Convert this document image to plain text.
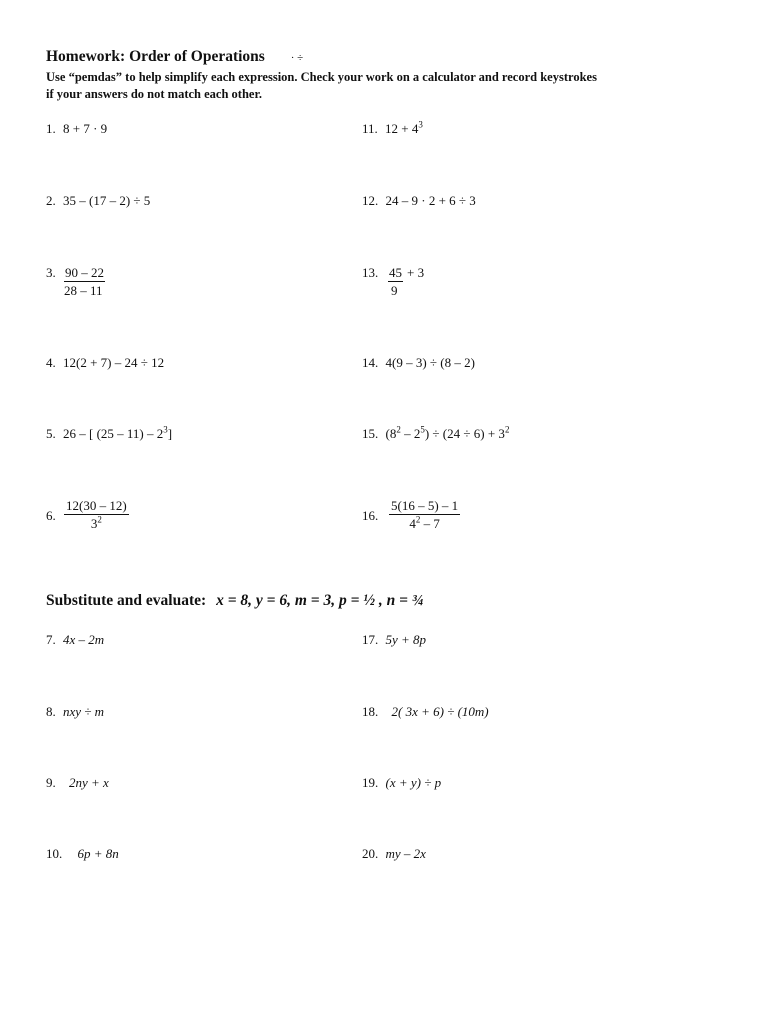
Homework: Order of Operations · ÷
Use “pemdas” to help simplify each expression. Check your work on a calculator and record keystrokes
if your answers do not match each other.
1. 8 + 7 · 9
2. 35 – (17 – 2) ÷ 5
3. $\frac{90 - 22}{28 - 11}$
4. 12(2 + 7) – 24 ÷ 12
5. 26 – [ $(25 - 11) - 2^3$]
6. $\frac{12(30 - 12)}{3^2}$
11. $12 + 4^3$
12. 24 – 9 · 2 + 6 ÷ 3
13. $\frac{45}{9} + 3$
14. 4(9 – 3) ÷ (8 – 2)
15. $(8^2 - 2^5) \div (24 \div 6) + 3^2$
16. $\frac{5(16 - 5) - 1}{4^2 - 7}$
Substitute and evaluate: x = 8, y = 6, m = 3, p = ½ , n = ¾
7. 4x – 2m
8. nxy ÷ m
9. 2ny + x
10. 6p + 8n
17. 5y + 8p
18. 2( 3x + 6) ÷ (10m)
19. (x + y) ÷ p
20. my – 2x
